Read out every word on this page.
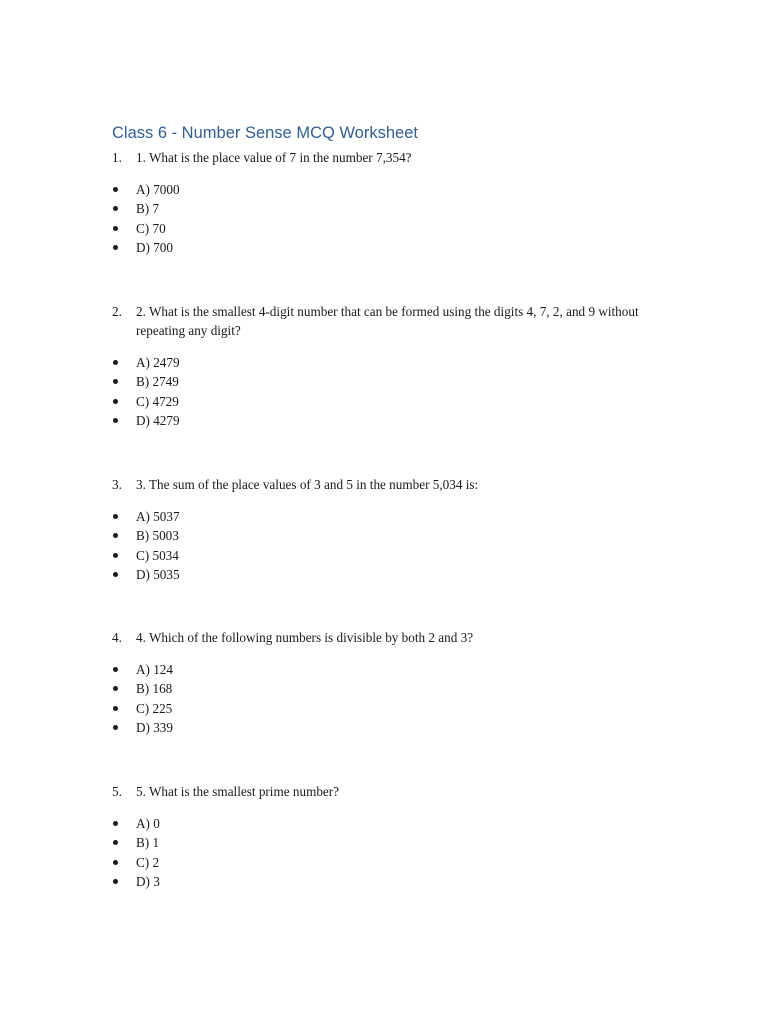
Class 6 - Number Sense MCQ Worksheet
1.	1. What is the place value of 7 in the number 7,354?
A) 7000
B) 7
C) 70
D) 700
2.	2. What is the smallest 4-digit number that can be formed using the digits 4, 7, 2, and 9 without repeating any digit?
A) 2479
B) 2749
C) 4729
D) 4279
3.	3. The sum of the place values of 3 and 5 in the number 5,034 is:
A) 5037
B) 5003
C) 5034
D) 5035
4.	4. Which of the following numbers is divisible by both 2 and 3?
A) 124
B) 168
C) 225
D) 339
5.	5. What is the smallest prime number?
A) 0
B) 1
C) 2
D) 3
